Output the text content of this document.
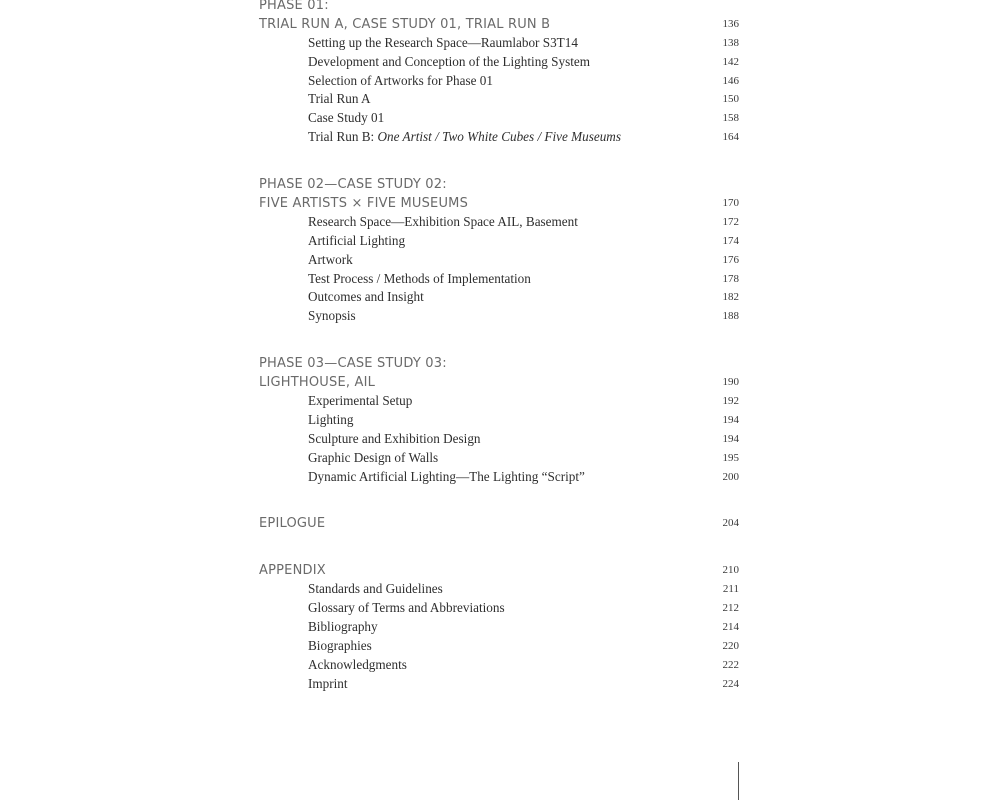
PHASE 01:
TRIAL RUN A, CASE STUDY 01, TRIAL RUN B	136
Setting up the Research Space—Raumlabor S3T14	138
Development and Conception of the Lighting System	142
Selection of Artworks for Phase 01	146
Trial Run A	150
Case Study 01	158
Trial Run B: One Artist / Two White Cubes / Five Museums	164
PHASE 02—CASE STUDY 02:
FIVE ARTISTS × FIVE MUSEUMS	170
Research Space—Exhibition Space AIL, Basement	172
Artificial Lighting	174
Artwork	176
Test Process / Methods of Implementation	178
Outcomes and Insight	182
Synopsis	188
PHASE 03—CASE STUDY 03:
LIGHTHOUSE, AIL	190
Experimental Setup	192
Lighting	194
Sculpture and Exhibition Design	194
Graphic Design of Walls	195
Dynamic Artificial Lighting—The Lighting “Script”	200
EPILOGUE	204
APPENDIX	210
Standards and Guidelines	211
Glossary of Terms and Abbreviations	212
Bibliography	214
Biographies	220
Acknowledgments	222
Imprint	224
